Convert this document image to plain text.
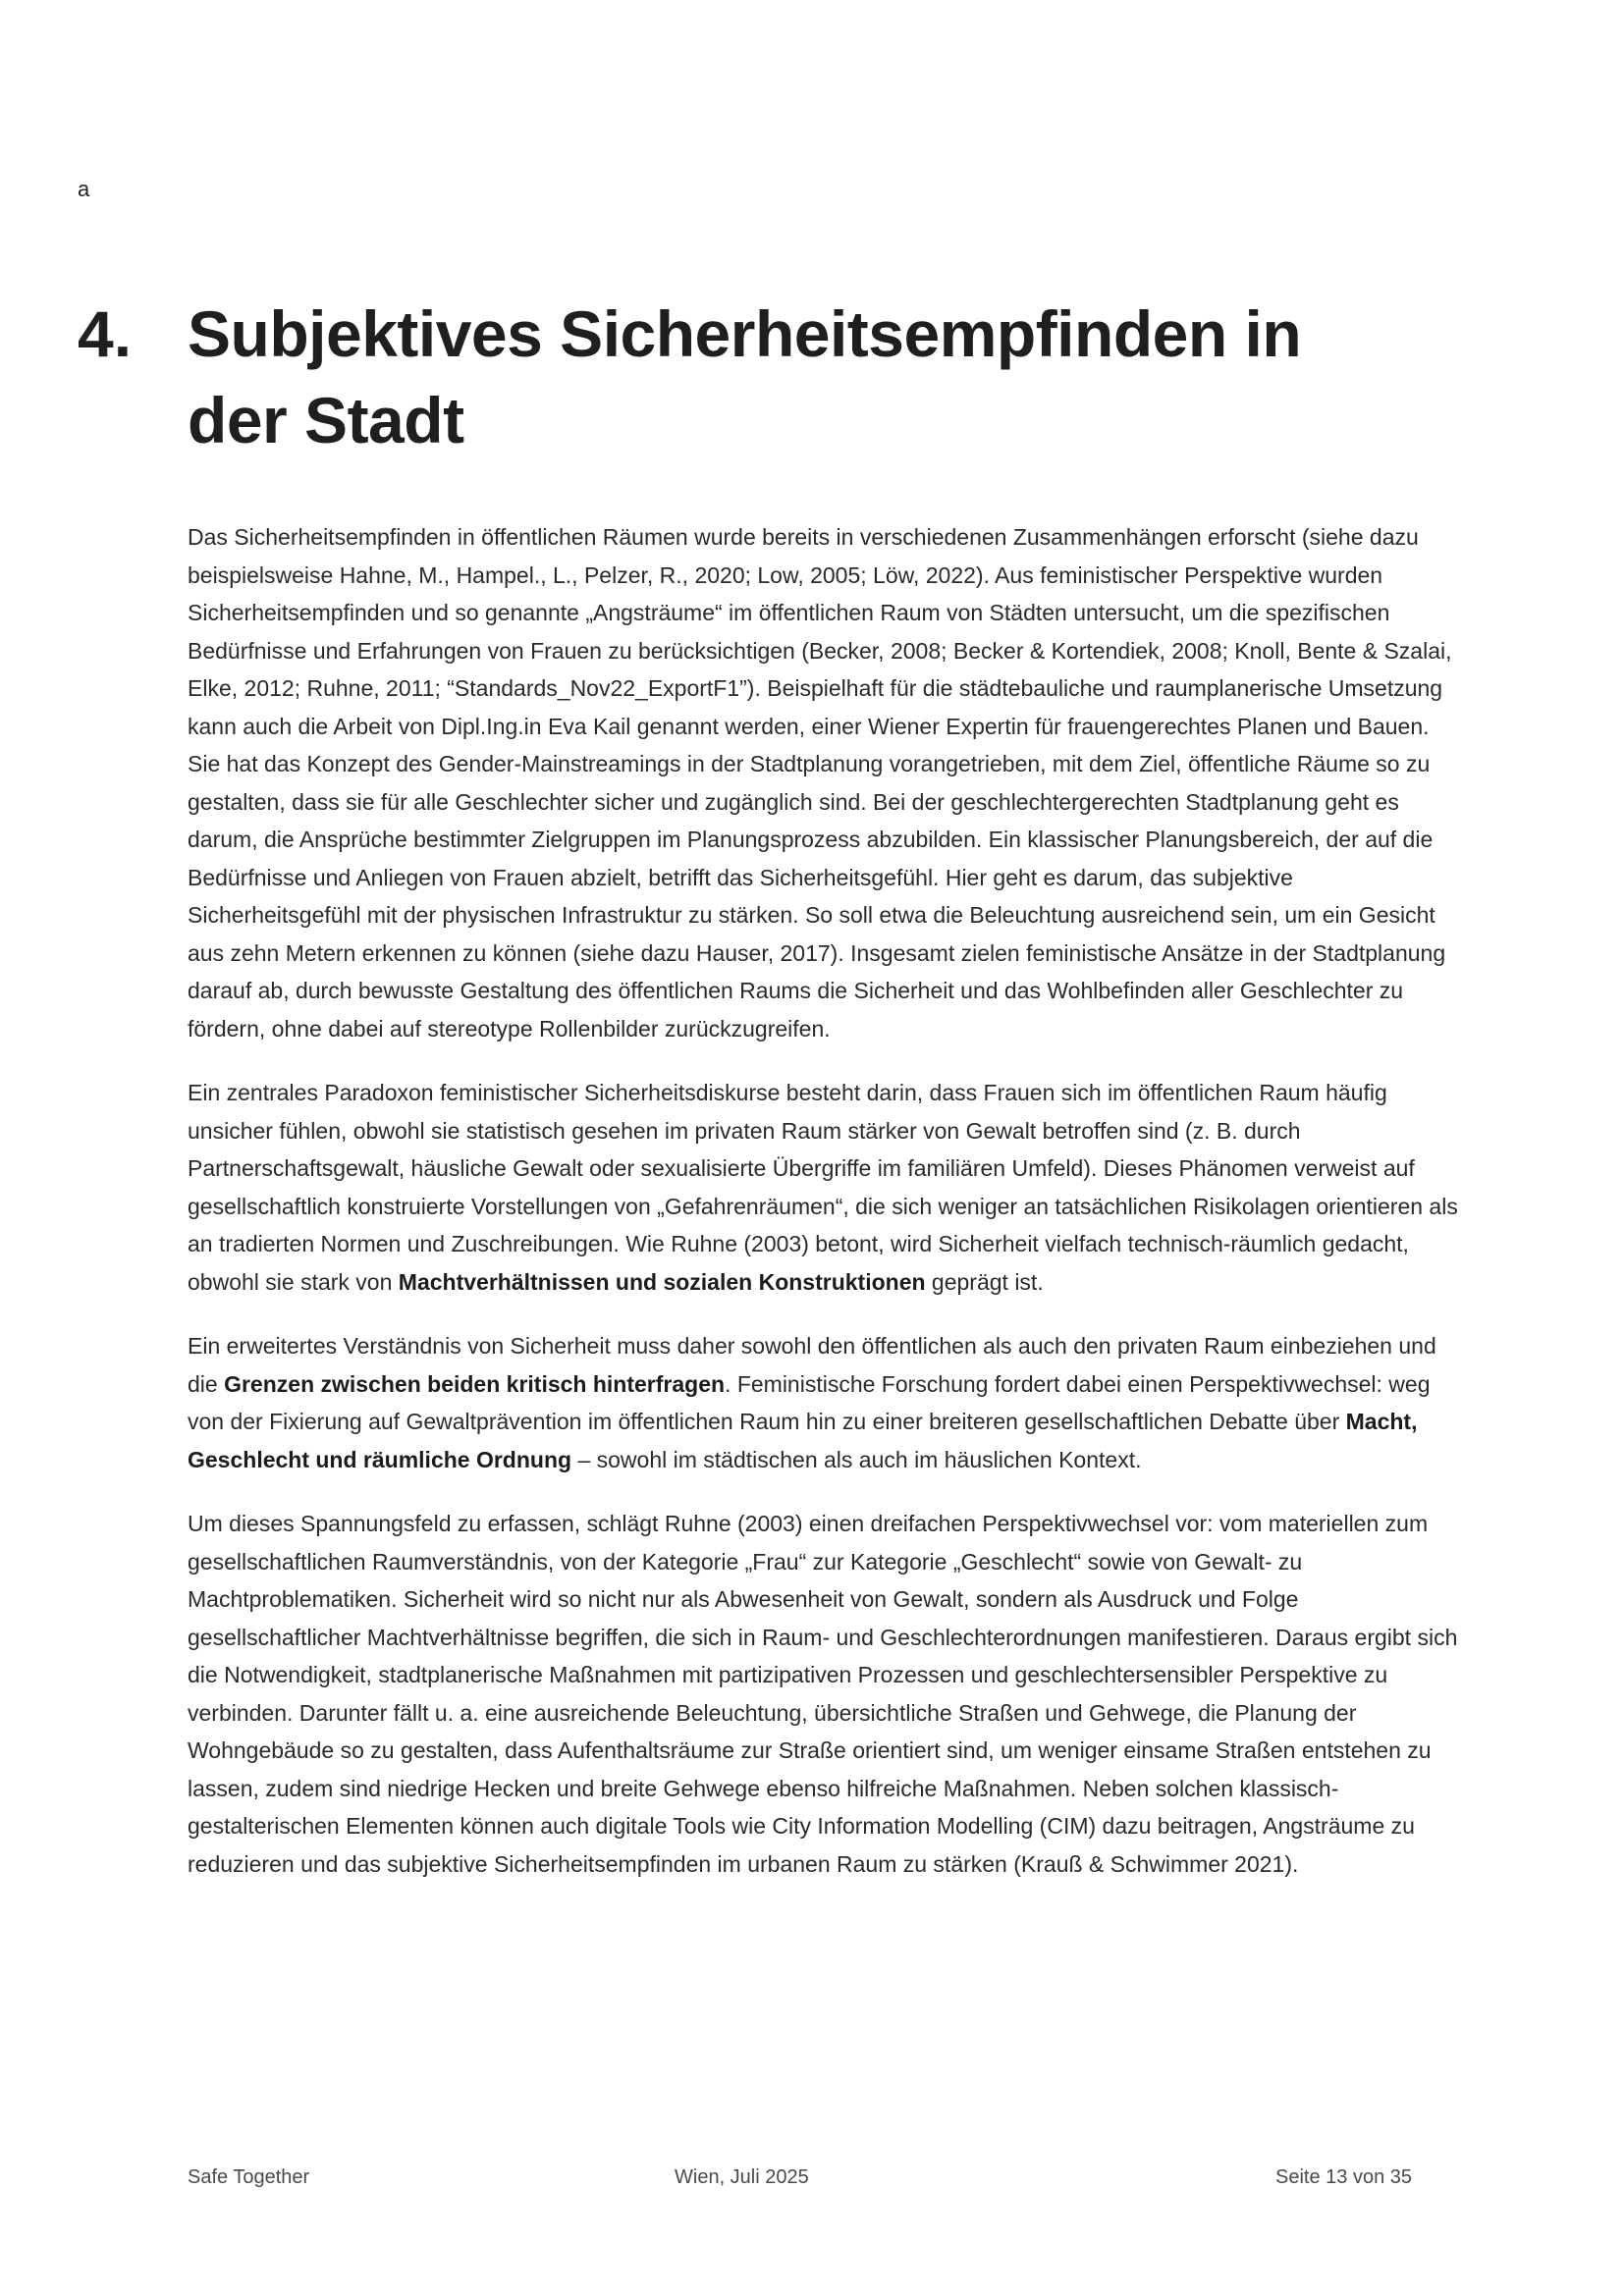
a
4. Subjektives Sicherheitsempfinden in der Stadt

Das Sicherheitsempfinden in öffentlichen Räumen wurde bereits in verschiedenen Zusammenhängen erforscht (siehe dazu beispielsweise Hahne, M., Hampel., L., Pelzer, R., 2020; Low, 2005; Löw, 2022). Aus feministischer Perspektive wurden Sicherheitsempfinden und so genannte „Angsträume“ im öffentlichen Raum von Städten untersucht, um die spezifischen Bedürfnisse und Erfahrungen von Frauen zu berücksichtigen (Becker, 2008; Becker & Kortendiek, 2008; Knoll, Bente & Szalai, Elke, 2012; Ruhne, 2011; “Standards_Nov22_ExportF1”). Beispielhaft für die städtebauliche und raumplanerische Umsetzung kann auch die Arbeit von Dipl.Ing.in Eva Kail genannt werden, einer Wiener Expertin für frauengerechtes Planen und Bauen. Sie hat das Konzept des Gender-Mainstreamings in der Stadtplanung vorangetrieben, mit dem Ziel, öffentliche Räume so zu gestalten, dass sie für alle Geschlechter sicher und zugänglich sind. Bei der geschlechtergerechten Stadtplanung geht es darum, die Ansprüche bestimmter Zielgruppen im Planungsprozess abzubilden. Ein klassischer Planungsbereich, der auf die Bedürfnisse und Anliegen von Frauen abzielt, betrifft das Sicherheitsgefühl. Hier geht es darum, das subjektive Sicherheitsgefühl mit der physischen Infrastruktur zu stärken. So soll etwa die Beleuchtung ausreichend sein, um ein Gesicht aus zehn Metern erkennen zu können (siehe dazu Hauser, 2017). Insgesamt zielen feministische Ansätze in der Stadtplanung darauf ab, durch bewusste Gestaltung des öffentlichen Raums die Sicherheit und das Wohlbefinden aller Geschlechter zu fördern, ohne dabei auf stereotype Rollenbilder zurückzugreifen.

Ein zentrales Paradoxon feministischer Sicherheitsdiskurse besteht darin, dass Frauen sich im öffentlichen Raum häufig unsicher fühlen, obwohl sie statistisch gesehen im privaten Raum stärker von Gewalt betroffen sind (z. B. durch Partnerschaftsgewalt, häusliche Gewalt oder sexualisierte Übergriffe im familiären Umfeld). Dieses Phänomen verweist auf gesellschaftlich konstruierte Vorstellungen von „Gefahrenräumen“, die sich weniger an tatsächlichen Risikolagen orientieren als an tradierten Normen und Zuschreibungen. Wie Ruhne (2003) betont, wird Sicherheit vielfach technisch-räumlich gedacht, obwohl sie stark von Machtverhältnissen und sozialen Konstruktionen geprägt ist.

Ein erweitertes Verständnis von Sicherheit muss daher sowohl den öffentlichen als auch den privaten Raum einbeziehen und die Grenzen zwischen beiden kritisch hinterfragen. Feministische Forschung fordert dabei einen Perspektivwechsel: weg von der Fixierung auf Gewaltprävention im öffentlichen Raum hin zu einer breiteren gesellschaftlichen Debatte über Macht, Geschlecht und räumliche Ordnung – sowohl im städtischen als auch im häuslichen Kontext.

Um dieses Spannungsfeld zu erfassen, schlägt Ruhne (2003) einen dreifachen Perspektivwechsel vor: vom materiellen zum gesellschaftlichen Raumverständnis, von der Kategorie „Frau“ zur Kategorie „Geschlecht“ sowie von Gewalt- zu Machtproblematiken. Sicherheit wird so nicht nur als Abwesenheit von Gewalt, sondern als Ausdruck und Folge gesellschaftlicher Machtverhältnisse begriffen, die sich in Raum- und Geschlechterordnungen manifestieren. Daraus ergibt sich die Notwendigkeit, stadtplanerische Maßnahmen mit partizipativen Prozessen und geschlechtersensibler Perspektive zu verbinden. Darunter fällt u. a. eine ausreichende Beleuchtung, übersichtliche Straßen und Gehwege, die Planung der Wohngebäude so zu gestalten, dass Aufenthaltsräume zur Straße orientiert sind, um weniger einsame Straßen entstehen zu lassen, zudem sind niedrige Hecken und breite Gehwege ebenso hilfreiche Maßnahmen. Neben solchen klassisch-gestalterischen Elementen können auch digitale Tools wie City Information Modelling (CIM) dazu beitragen, Angsträume zu reduzieren und das subjektive Sicherheitsempfinden im urbanen Raum zu stärken (Krauß & Schwimmer 2021).

Safe Together	Wien, Juli 2025	Seite 13 von 35
